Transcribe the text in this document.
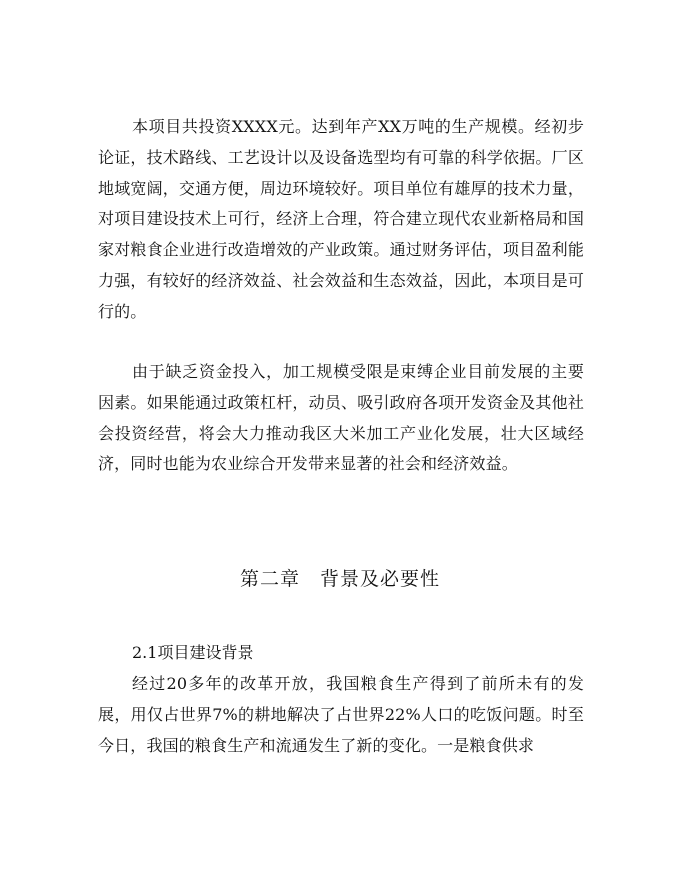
本项目共投资XXXX元。达到年产XX万吨的生产规模。经初步论证，技术路线、工艺设计以及设备选型均有可靠的科学依据。厂区地域宽阔，交通方便，周边环境较好。项目单位有雄厚的技术力量，对项目建设技术上可行，经济上合理，符合建立现代农业新格局和国家对粮食企业进行改造增效的产业政策。通过财务评估，项目盈利能力强，有较好的经济效益、社会效益和生态效益，因此，本项目是可行的。

由于缺乏资金投入，加工规模受限是束缚企业目前发展的主要因素。如果能通过政策杠杆，动员、吸引政府各项开发资金及其他社会投资经营，将会大力推动我区大米加工产业化发展，壮大区域经济，同时也能为农业综合开发带来显著的社会和经济效益。

第二章　背景及必要性
2.1项目建设背景

经过20多年的改革开放，我国粮食生产得到了前所未有的发展，用仅占世界7%的耕地解决了占世界22%人口的吃饭问题。时至今日，我国的粮食生产和流通发生了新的变化。一是粮食供求
